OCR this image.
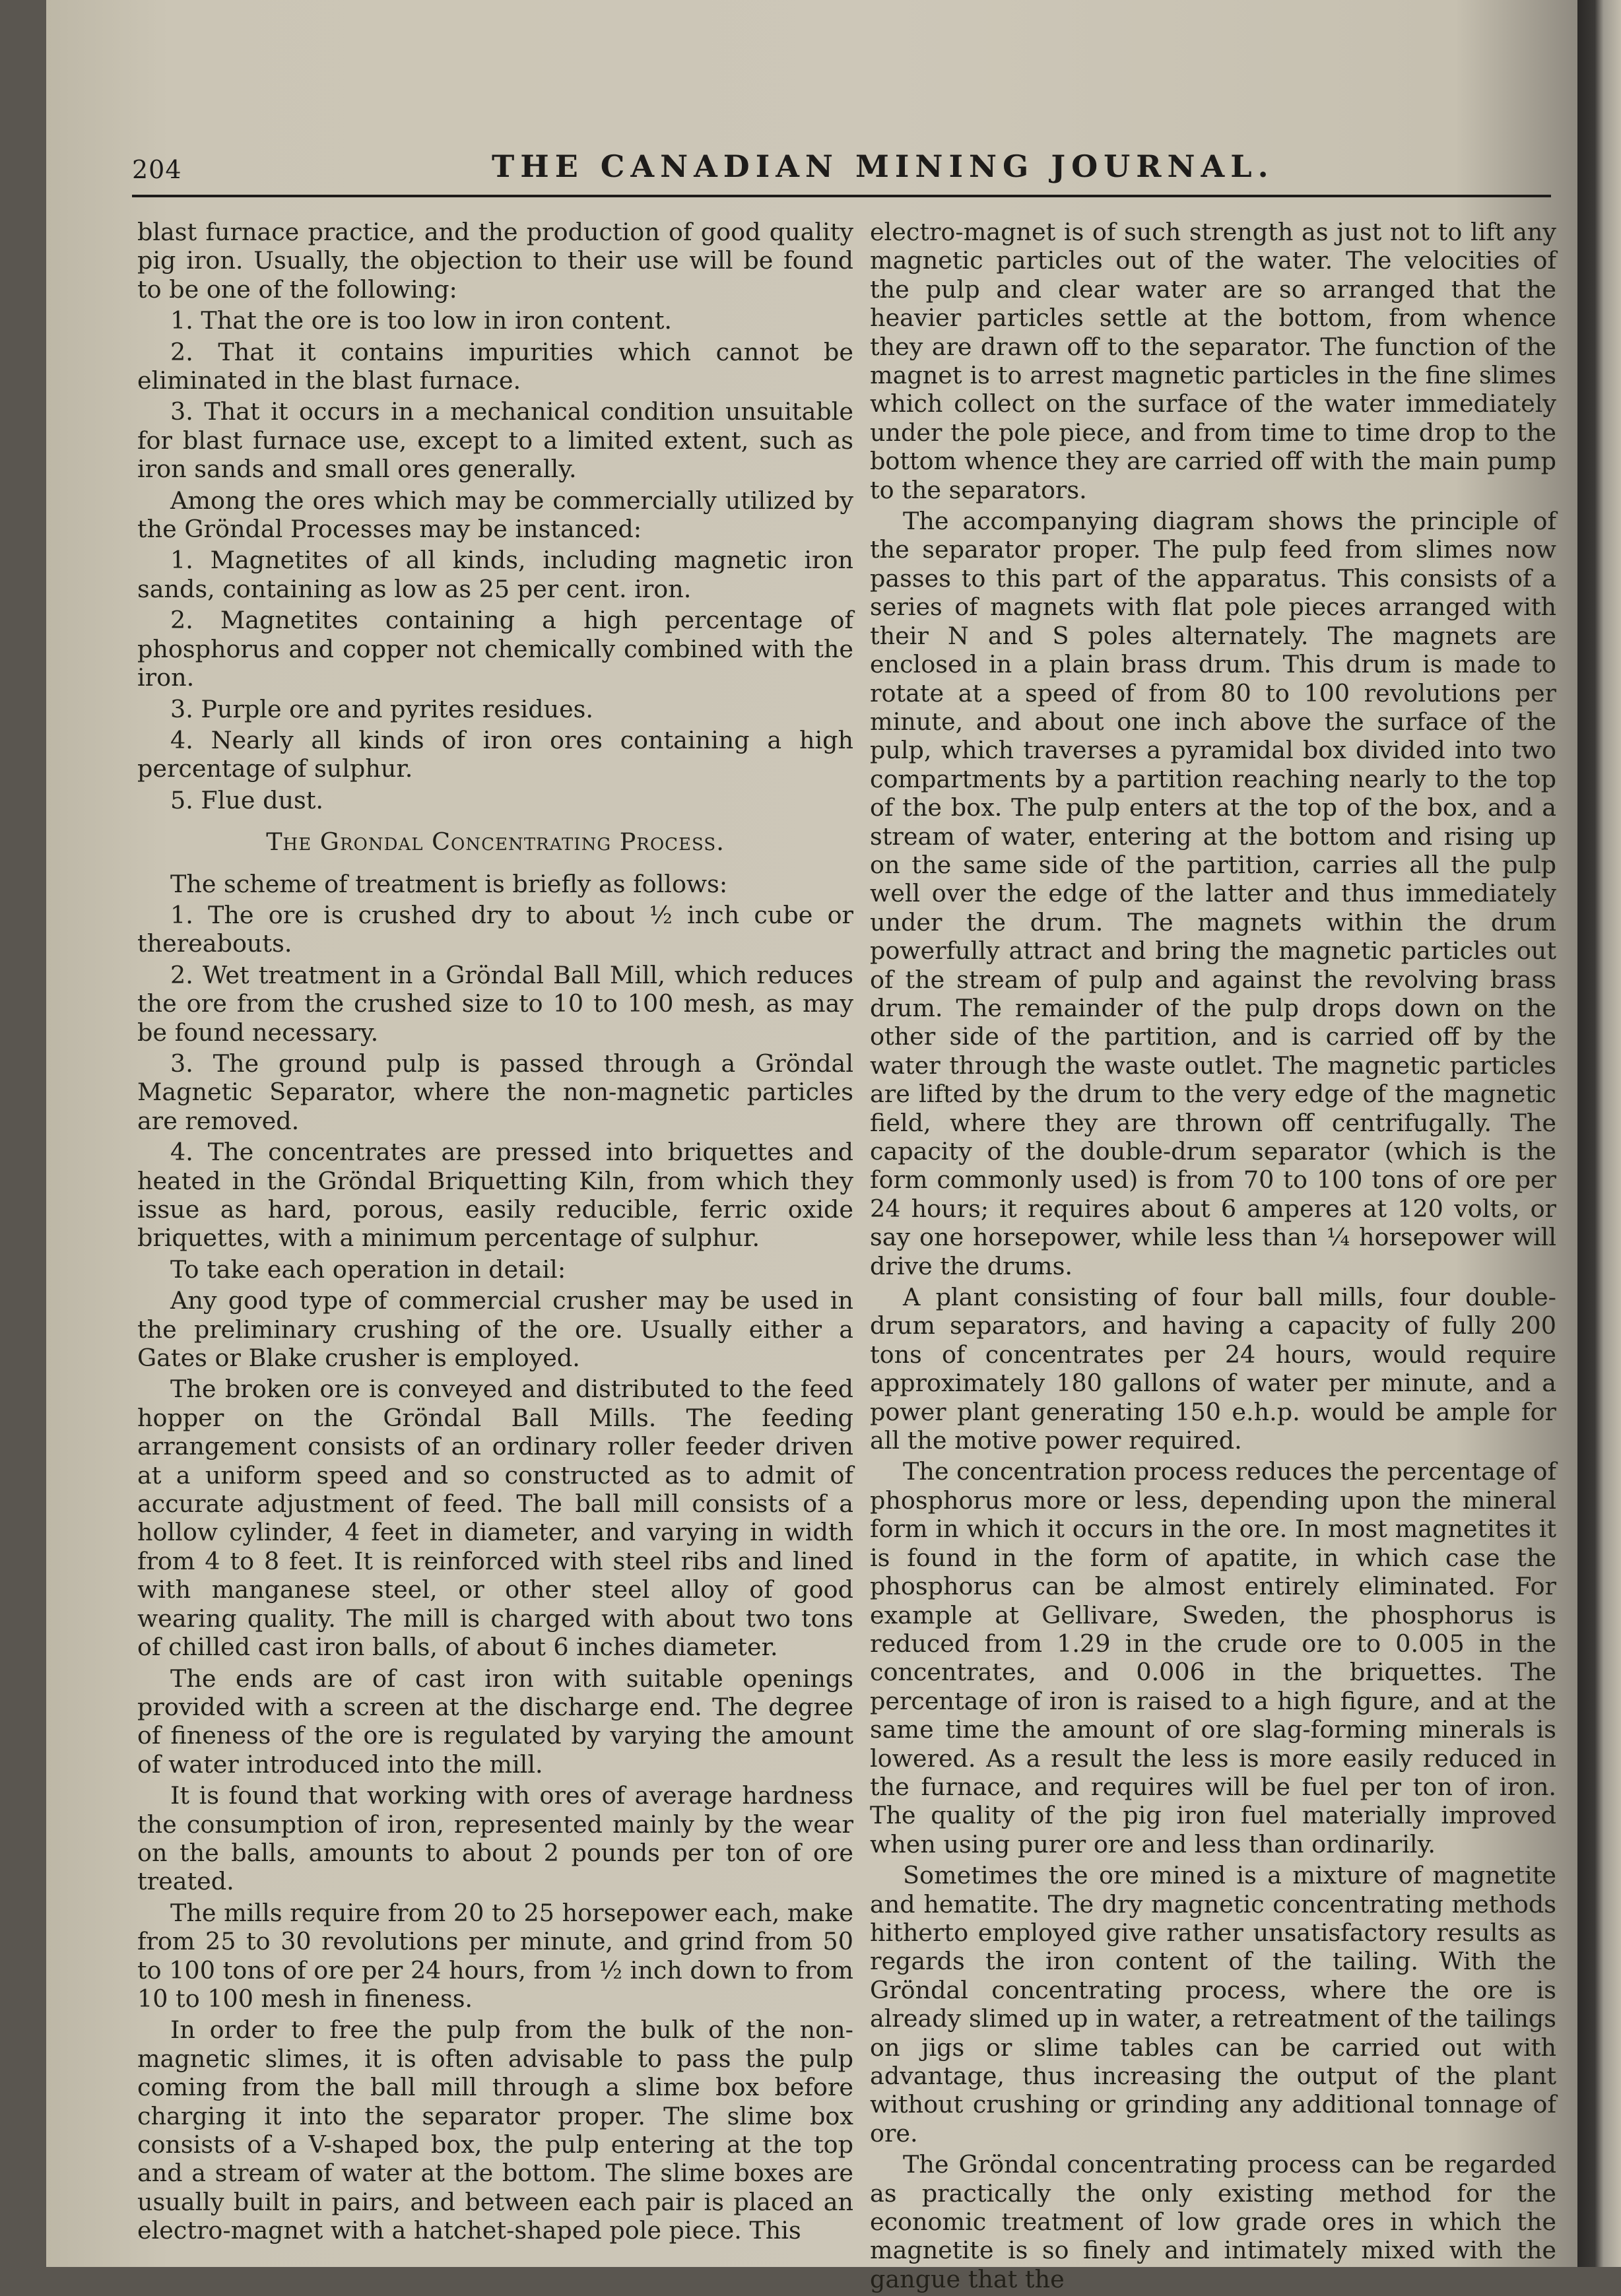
204	THE CANADIAN MINING JOURNAL.

blast furnace practice, and the production of good quality pig iron. Usually, the objection to their use will be found to be one of the following:

1. That the ore is too low in iron content.

2. That it contains impurities which cannot be eliminated in the blast furnace.

3. That it occurs in a mechanical condition unsuitable for blast furnace use, except to a limited extent, such as iron sands and small ores generally.

Among the ores which may be commercially utilized by the Gröndal Processes may be instanced:

1. Magnetites of all kinds, including magnetic iron sands, containing as low as 25 per cent. iron.

2. Magnetites containing a high percentage of phosphorus and copper not chemically combined with the iron.

3. Purple ore and pyrites residues.

4. Nearly all kinds of iron ores containing a high percentage of sulphur.

5. Flue dust.

The Grondal Concentrating Process.

The scheme of treatment is briefly as follows:

1. The ore is crushed dry to about ½ inch cube or thereabouts.

2. Wet treatment in a Gröndal Ball Mill, which reduces the ore from the crushed size to 10 to 100 mesh, as may be found necessary.

3. The ground pulp is passed through a Gröndal Magnetic Separator, where the non-magnetic particles are removed.

4. The concentrates are pressed into briquettes and heated in the Gröndal Briquetting Kiln, from which they issue as hard, porous, easily reducible, ferric oxide briquettes, with a minimum percentage of sulphur.

To take each operation in detail:

Any good type of commercial crusher may be used in the preliminary crushing of the ore. Usually either a Gates or Blake crusher is employed.

The broken ore is conveyed and distributed to the feed hopper on the Gröndal Ball Mills. The feeding arrangement consists of an ordinary roller feeder driven at a uniform speed and so constructed as to admit of accurate adjustment of feed. The ball mill consists of a hollow cylinder, 4 feet in diameter, and varying in width from 4 to 8 feet. It is reinforced with steel ribs and lined with manganese steel, or other steel alloy of good wearing quality. The mill is charged with about two tons of chilled cast iron balls, of about 6 inches diameter.

The ends are of cast iron with suitable openings provided with a screen at the discharge end. The degree of fineness of the ore is regulated by varying the amount of water introduced into the mill.

It is found that working with ores of average hardness the consumption of iron, represented mainly by the wear on the balls, amounts to about 2 pounds per ton of ore treated.

The mills require from 20 to 25 horsepower each, make from 25 to 30 revolutions per minute, and grind from 50 to 100 tons of ore per 24 hours, from ½ inch down to from 10 to 100 mesh in fineness.

In order to free the pulp from the bulk of the non-magnetic slimes, it is often advisable to pass the pulp coming from the ball mill through a slime box before charging it into the separator proper. The slime box consists of a V-shaped box, the pulp entering at the top and a stream of water at the bottom. The slime boxes are usually built in pairs, and between each pair is placed an electro-magnet with a hatchet-shaped pole piece. This

electro-magnet is of such strength as just not to lift any magnetic particles out of the water. The velocities of the pulp and clear water are so arranged that the heavier particles settle at the bottom, from whence they are drawn off to the separator. The function of the magnet is to arrest magnetic particles in the fine slimes which collect on the surface of the water immediately under the pole piece, and from time to time drop to the bottom whence they are carried off with the main pump to the separators.

The accompanying diagram shows the principle of the separator proper. The pulp feed from slimes now passes to this part of the apparatus. This consists of a series of magnets with flat pole pieces arranged with their N and S poles alternately. The magnets are enclosed in a plain brass drum. This drum is made to rotate at a speed of from 80 to 100 revolutions per minute, and about one inch above the surface of the pulp, which traverses a pyramidal box divided into two compartments by a partition reaching nearly to the top of the box. The pulp enters at the top of the box, and a stream of water, entering at the bottom and rising up on the same side of the partition, carries all the pulp well over the edge of the latter and thus immediately under the drum. The magnets within the drum powerfully attract and bring the magnetic particles out of the stream of pulp and against the revolving brass drum. The remainder of the pulp drops down on the other side of the partition, and is carried off by the water through the waste outlet. The magnetic particles are lifted by the drum to the very edge of the magnetic field, where they are thrown off centrifugally. The capacity of the double-drum separator (which is the form commonly used) is from 70 to 100 tons of ore per 24 hours; it requires about 6 amperes at 120 volts, or say one horsepower, while less than ¼ horsepower will drive the drums.

A plant consisting of four ball mills, four double-drum separators, and having a capacity of fully 200 tons of concentrates per 24 hours, would require approximately 180 gallons of water per minute, and a power plant generating 150 e.h.p. would be ample for all the motive power required.

The concentration process reduces the percentage of phosphorus more or less, depending upon the mineral form in which it occurs in the ore. In most magnetites it is found in the form of apatite, in which case the phosphorus can be almost entirely eliminated. For example at Gellivare, Sweden, the phosphorus is reduced from 1.29 in the crude ore to 0.005 in the concentrates, and 0.006 in the briquettes. The percentage of iron is raised to a high figure, and at the same time the amount of ore slag-forming minerals is lowered. As a result the less is more easily reduced in the furnace, and requires will be fuel per ton of iron. The quality of the pig iron fuel materially improved when using purer ore and less than ordinarily.

Sometimes the ore mined is a mixture of magnetite and hematite. The dry magnetic concentrating methods hitherto employed give rather unsatisfactory results as regards the iron content of the tailing. With the Gröndal concentrating process, where the ore is already slimed up in water, a retreatment of the tailings on jigs or slime tables can be carried out with advantage, thus increasing the output of the plant without crushing or grinding any additional tonnage of ore.

The Gröndal concentrating process can be regarded as practically the only existing method for the economic treatment of low grade ores in which the magnetite is so finely and intimately mixed with the gangue that the
